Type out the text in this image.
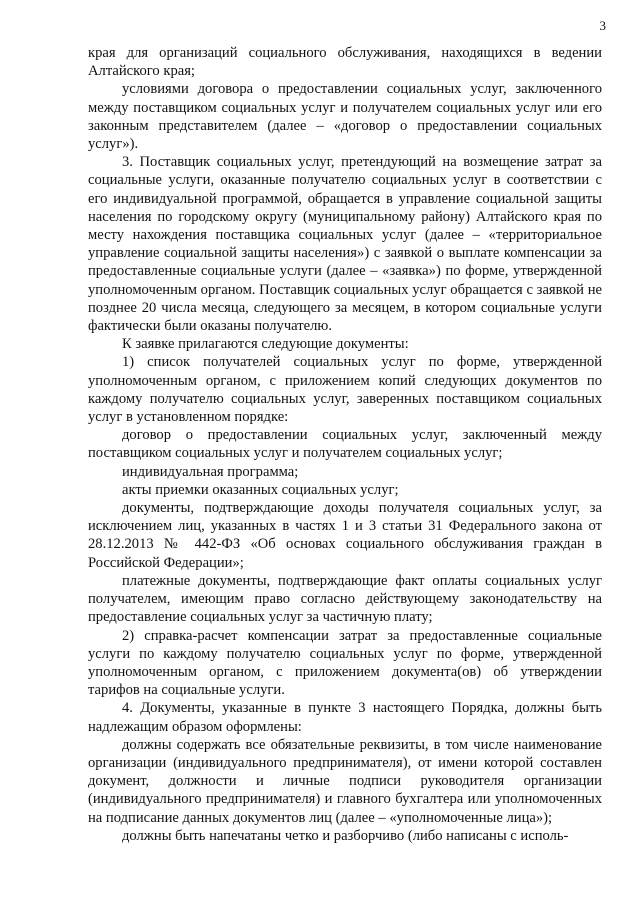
3

края для организаций социального обслуживания, находящихся в ведении Алтайского края;

условиями договора о предоставлении социальных услуг, заключенного между поставщиком социальных услуг и получателем социальных услуг или его законным представителем (далее – «договор о предоставлении социальных услуг»).

3. Поставщик социальных услуг, претендующий на возмещение затрат за социальные услуги, оказанные получателю социальных услуг в соответствии с его индивидуальной программой, обращается в управление социальной защиты населения по городскому округу (муниципальному району) Алтайского края по месту нахождения поставщика социальных услуг (далее – «территориальное управление социальной защиты населения») с заявкой о выплате компенсации за предоставленные социальные услуги (далее – «заявка») по форме, утвержденной уполномоченным органом. Поставщик социальных услуг обращается с заявкой не позднее 20 числа месяца, следующего за месяцем, в котором социальные услуги фактически были оказаны получателю.

К заявке прилагаются следующие документы:

1) список получателей социальных услуг по форме, утвержденной уполномоченным органом, с приложением копий следующих документов по каждому получателю социальных услуг, заверенных поставщиком социальных услуг в установленном порядке:

договор о предоставлении социальных услуг, заключенный между поставщиком социальных услуг и получателем социальных услуг;

индивидуальная программа;

акты приемки оказанных социальных услуг;

документы, подтверждающие доходы получателя социальных услуг, за исключением лиц, указанных в частях 1 и 3 статьи 31 Федерального закона от 28.12.2013 № 442-ФЗ «Об основах социального обслуживания граждан в Российской Федерации»;

платежные документы, подтверждающие факт оплаты социальных услуг получателем, имеющим право согласно действующему законодательству на предоставление социальных услуг за частичную плату;

2) справка-расчет компенсации затрат за предоставленные социальные услуги по каждому получателю социальных услуг по форме, утвержденной уполномоченным органом, с приложением документа(ов) об утверждении тарифов на социальные услуги.

4. Документы, указанные в пункте 3 настоящего Порядка, должны быть надлежащим образом оформлены:

должны содержать все обязательные реквизиты, в том числе наименование организации (индивидуального предпринимателя), от имени которой составлен документ, должности и личные подписи руководителя организации (индивидуального предпринимателя) и главного бухгалтера или уполномоченных на подписание данных документов лиц (далее – «уполномоченные лица»);

должны быть напечатаны четко и разборчиво (либо написаны с исполь-
